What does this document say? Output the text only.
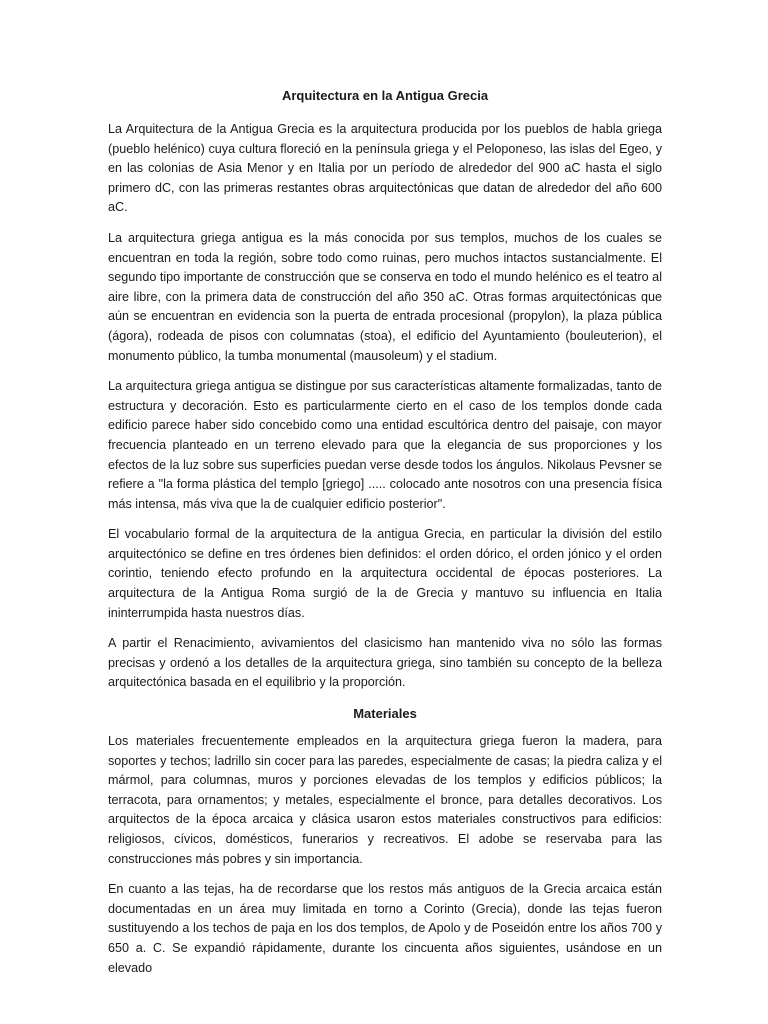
Arquitectura en la Antigua Grecia

La Arquitectura de la Antigua Grecia es la arquitectura producida por los pueblos de habla griega (pueblo helénico) cuya cultura floreció en la península griega y el Peloponeso, las islas del Egeo, y en las colonias de Asia Menor y en Italia por un período de alrededor del 900 aC hasta el siglo primero dC, con las primeras restantes obras arquitectónicas que datan de alrededor del año 600 aC.

La arquitectura griega antigua es la más conocida por sus templos, muchos de los cuales se encuentran en toda la región, sobre todo como ruinas, pero muchos intactos sustancialmente. El segundo tipo importante de construcción que se conserva en todo el mundo helénico es el teatro al aire libre, con la primera data de construcción del año 350 aC. Otras formas arquitectónicas que aún se encuentran en evidencia son la puerta de entrada procesional (propylon), la plaza pública (ágora), rodeada de pisos con columnatas (stoa), el edificio del Ayuntamiento (bouleuterion), el monumento público, la tumba monumental (mausoleum) y el stadium.

La arquitectura griega antigua se distingue por sus características altamente formalizadas, tanto de estructura y decoración. Esto es particularmente cierto en el caso de los templos donde cada edificio parece haber sido concebido como una entidad escultórica dentro del paisaje, con mayor frecuencia planteado en un terreno elevado para que la elegancia de sus proporciones y los efectos de la luz sobre sus superficies puedan verse desde todos los ángulos. Nikolaus Pevsner se refiere a "la forma plástica del templo [griego] ..... colocado ante nosotros con una presencia física más intensa, más viva que la de cualquier edificio posterior".

El vocabulario formal de la arquitectura de la antigua Grecia, en particular la división del estilo arquitectónico se define en tres órdenes bien definidos: el orden dórico, el orden jónico y el orden corintio, teniendo efecto profundo en la arquitectura occidental de épocas posteriores. La arquitectura de la Antigua Roma surgió de la de Grecia y mantuvo su influencia en Italia ininterrumpida hasta nuestros días.

A partir el Renacimiento, avivamientos del clasicismo han mantenido viva no sólo las formas precisas y ordenó a los detalles de la arquitectura griega, sino también su concepto de la belleza arquitectónica basada en el equilibrio y la proporción.

Materiales

Los materiales frecuentemente empleados en la arquitectura griega fueron la madera, para soportes y techos; ladrillo sin cocer para las paredes, especialmente de casas; la piedra caliza y el mármol, para columnas, muros y porciones elevadas de los templos y edificios públicos; la terracota, para ornamentos; y metales, especialmente el bronce, para detalles decorativos. Los arquitectos de la época arcaica y clásica usaron estos materiales constructivos para edificios: religiosos, cívicos, domésticos, funerarios y recreativos. El adobe se reservaba para las construcciones más pobres y sin importancia.

En cuanto a las tejas, ha de recordarse que los restos más antiguos de la Grecia arcaica están documentadas en un área muy limitada en torno a Corinto (Grecia), donde las tejas fueron sustituyendo a los techos de paja en los dos templos, de Apolo y de Poseidón entre los años 700 y 650 a. C. Se expandió rápidamente, durante los cincuenta años siguientes, usándose en un elevado
